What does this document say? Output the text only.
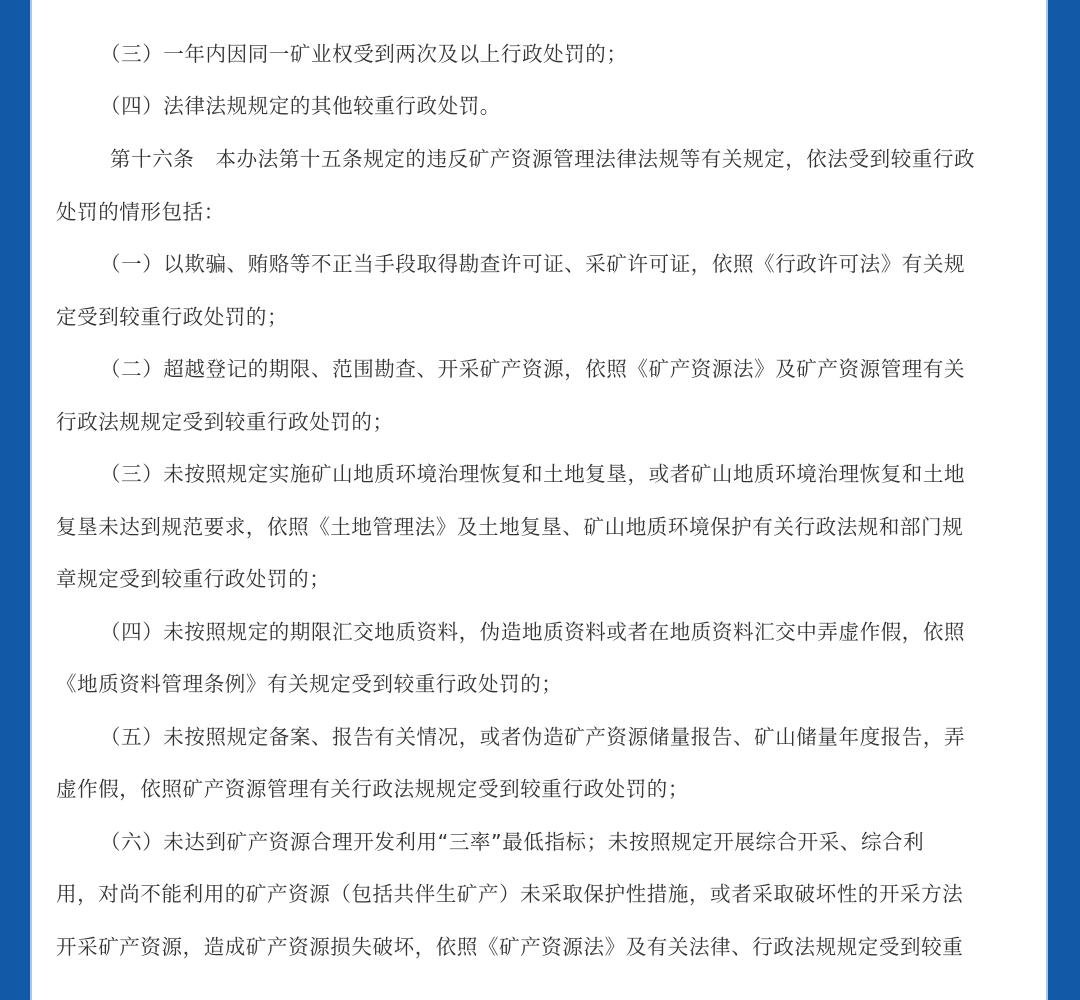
（三）一年内因同一矿业权受到两次及以上行政处罚的；
（四）法律法规规定的其他较重行政处罚。
第十六条　本办法第十五条规定的违反矿产资源管理法律法规等有关规定，依法受到较重行政
处罚的情形包括：
（一）以欺骗、贿赂等不正当手段取得勘查许可证、采矿许可证，依照《行政许可法》有关规
定受到较重行政处罚的；
（二）超越登记的期限、范围勘查、开采矿产资源，依照《矿产资源法》及矿产资源管理有关
行政法规规定受到较重行政处罚的；
（三）未按照规定实施矿山地质环境治理恢复和土地复垦，或者矿山地质环境治理恢复和土地
复垦未达到规范要求，依照《土地管理法》及土地复垦、矿山地质环境保护有关行政法规和部门规
章规定受到较重行政处罚的；
（四）未按照规定的期限汇交地质资料，伪造地质资料或者在地质资料汇交中弄虚作假，依照
《地质资料管理条例》有关规定受到较重行政处罚的；
（五）未按照规定备案、报告有关情况，或者伪造矿产资源储量报告、矿山储量年度报告，弄
虚作假，依照矿产资源管理有关行政法规规定受到较重行政处罚的；
（六）未达到矿产资源合理开发利用“三率”最低指标；未按照规定开展综合开采、综合利
用，对尚不能利用的矿产资源（包括共伴生矿产）未采取保护性措施，或者采取破坏性的开采方法
开采矿产资源，造成矿产资源损失破坏，依照《矿产资源法》及有关法律、行政法规规定受到较重
